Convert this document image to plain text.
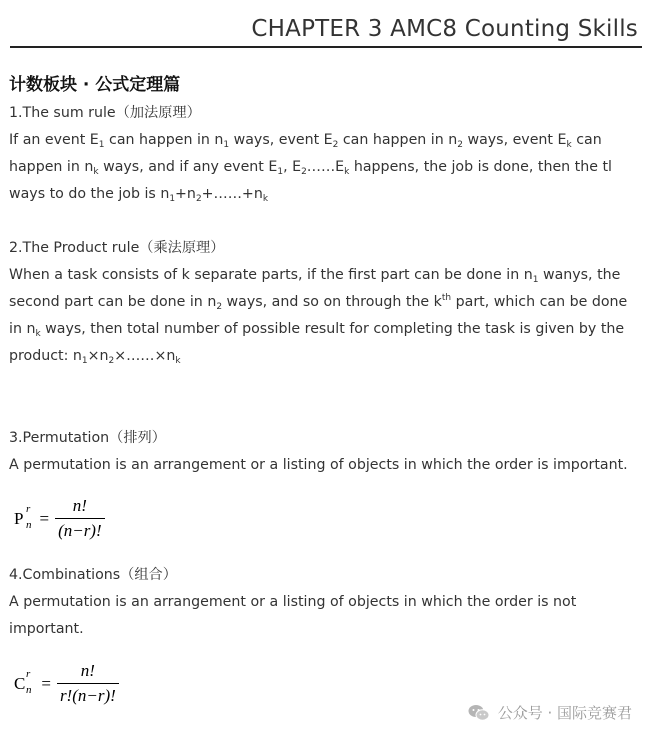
CHAPTER 3 AMC8 Counting Skills
计数板块 · 公式定理篇
1.The sum rule（加法原理）
If an event $E_1$ can happen in $n_1$ ways, event $E_2$ can happen in $n_2$ ways, event $E_k$ can
happen in $n_k$ ways, and if any event $E_1$, $E_2\dots\dots E_k$ happens, the job is done, then the tl
ways to do the job is $n_1+n_2+\dots\dots+n_k$
2.The Product rule（乘法原理）
When a task consists of k separate parts, if the first part can be done in $n_1$ wanys, the
second part can be done in $n_2$ ways, and so on through the $k^{th}$ part, which can be done
in $n_k$ ways, then total number of possible result for completing the task is given by the
product: $n_1\times n_2\times\dots\dots\times n_k$
3.Permutation（排列）
A permutation is an arrangement or a listing of objects in which the order is important.
P r
$n = \frac{n!}{(n-r)!}$
4.Combinations（组合）
A permutation is an arrangement or a listing of objects in which the order is not
important.
C r
$n = \frac{n!}{r!(n-r)!}$
公众号 · 国际竞赛君
